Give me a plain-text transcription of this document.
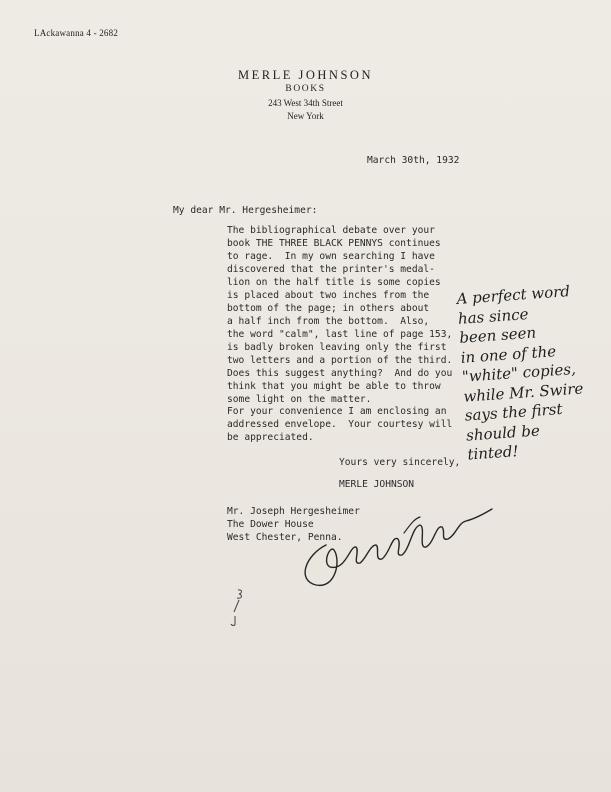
LAckawanna 4 - 2682
MERLE JOHNSON
BOOKS
243 West 34th Street
New York
March 30th, 1932
My dear Mr. Hergesheimer:
The bibliographical debate over your
book THE THREE BLACK PENNYS continues
to rage.  In my own searching I have
discovered that the printer's medal-
lion on the half title is some copies
is placed about two inches from the
bottom of the page; in others about
a half inch from the bottom.  Also,
the word "calm", last line of page 153,
is badly broken leaving only the first
two letters and a portion of the third.
Does this suggest anything?  And do you
think that you might be able to throw
some light on the matter.
For your convenience I am enclosing an
addressed envelope.  Your courtesy will
be appreciated.
Yours very sincerely,
MERLE JOHNSON
Mr. Joseph Hergesheimer
The Dower House
West Chester, Penna.
A perfect word
has since
been seen
in one of the
"white" copies,
while Mr. Swire
says the first
should be
tinted!
